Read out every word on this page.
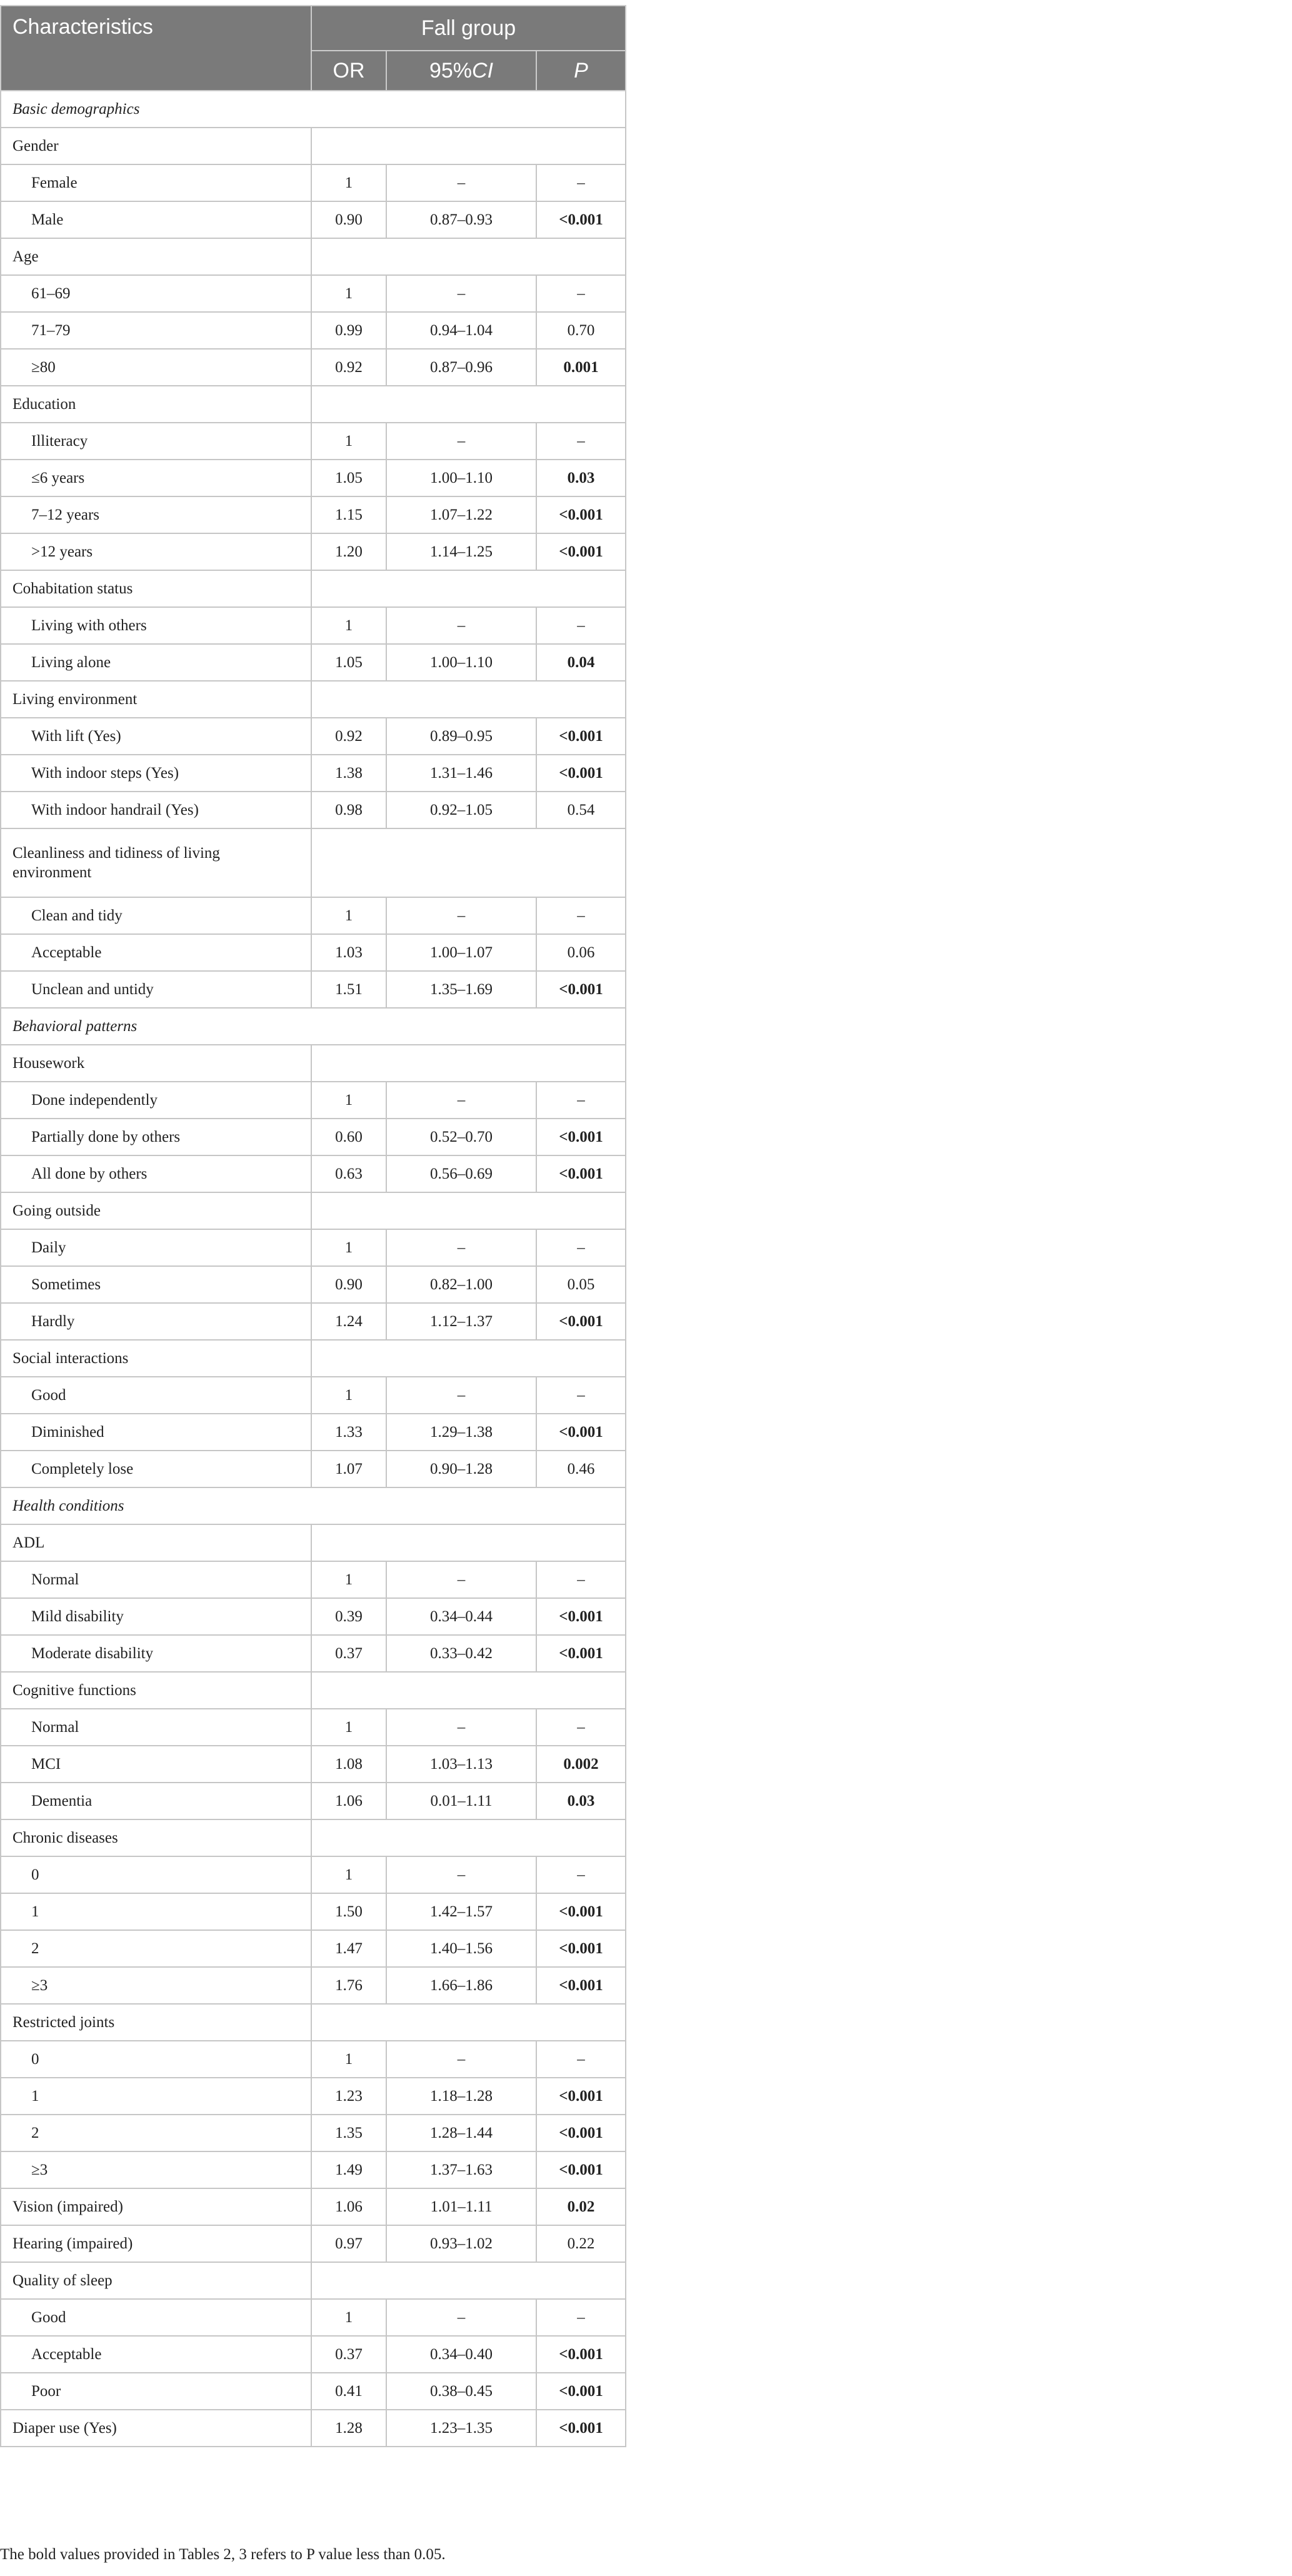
Characteristics	Fall group		
	OR	95%CI	P
Basic demographics			
Gender			
Female	1	–	–
Male	0.90	0.87–0.93	<0.001
Age			
61–69	1	–	–
71–79	0.99	0.94–1.04	0.70
≥80	0.92	0.87–0.96	0.001
Education			
Illiteracy	1	–	–
≤6 years	1.05	1.00–1.10	0.03
7–12 years	1.15	1.07–1.22	<0.001
>12 years	1.20	1.14–1.25	<0.001
Cohabitation status			
Living with others	1	–	–
Living alone	1.05	1.00–1.10	0.04
Living environment			
With lift (Yes)	0.92	0.89–0.95	<0.001
With indoor steps (Yes)	1.38	1.31–1.46	<0.001
With indoor handrail (Yes)	0.98	0.92–1.05	0.54
Cleanliness and tidiness of living environment			
Clean and tidy	1	–	–
Acceptable	1.03	1.00–1.07	0.06
Unclean and untidy	1.51	1.35–1.69	<0.001
Behavioral patterns			
Housework			
Done independently	1	–	–
Partially done by others	0.60	0.52–0.70	<0.001
All done by others	0.63	0.56–0.69	<0.001
Going outside			
Daily	1	–	–
Sometimes	0.90	0.82–1.00	0.05
Hardly	1.24	1.12–1.37	<0.001
Social interactions			
Good	1	–	–
Diminished	1.33	1.29–1.38	<0.001
Completely lose	1.07	0.90–1.28	0.46
Health conditions			
ADL			
Normal	1	–	–
Mild disability	0.39	0.34–0.44	<0.001
Moderate disability	0.37	0.33–0.42	<0.001
Cognitive functions			
Normal	1	–	–
MCI	1.08	1.03–1.13	0.002
Dementia	1.06	0.01–1.11	0.03
Chronic diseases			
0	1	–	–
1	1.50	1.42–1.57	<0.001
2	1.47	1.40–1.56	<0.001
≥3	1.76	1.66–1.86	<0.001
Restricted joints			
0	1	–	–
1	1.23	1.18–1.28	<0.001
2	1.35	1.28–1.44	<0.001
≥3	1.49	1.37–1.63	<0.001
Vision (impaired)	1.06	1.01–1.11	0.02
Hearing (impaired)	0.97	0.93–1.02	0.22
Quality of sleep			
Good	1	–	–
Acceptable	0.37	0.34–0.40	<0.001
Poor	0.41	0.38–0.45	<0.001
Diaper use (Yes)	1.28	1.23–1.35	<0.001
The bold values provided in Tables 2, 3 refers to P value less than 0.05.
